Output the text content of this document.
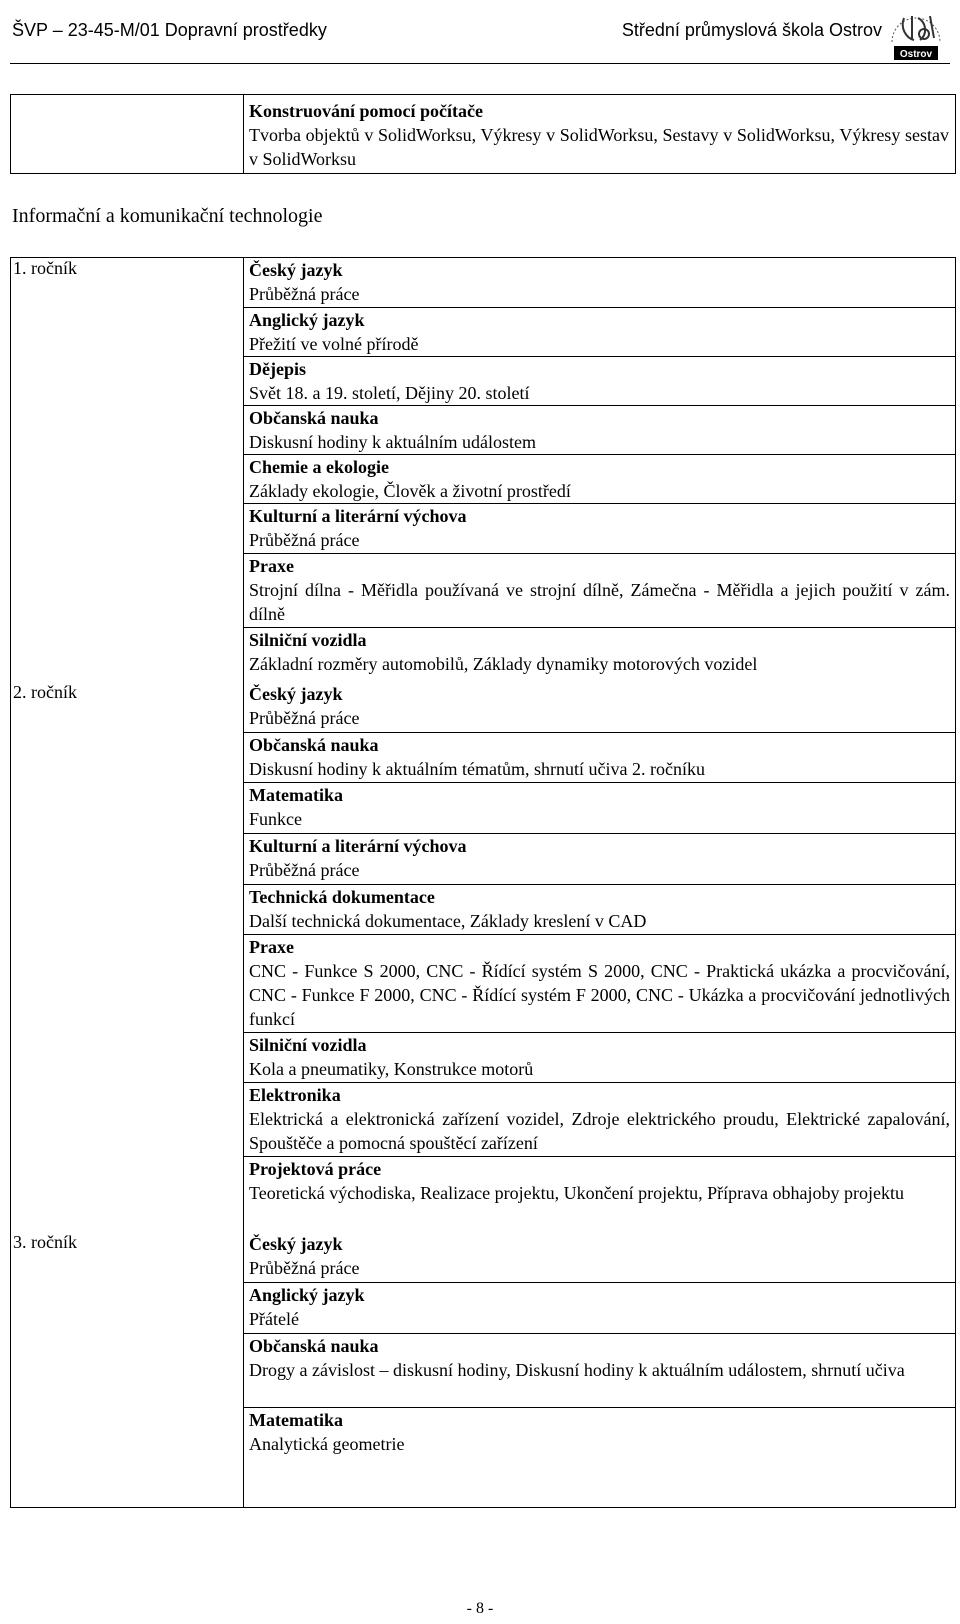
ŠVP – 23-45-M/01 Dopravní prostředky	Střední průmyslová škola Ostrov
Ostrov
Konstruování pomocí počítače
Tvorba objektů v SolidWorksu, Výkresy v SolidWorksu, Sestavy v SolidWorksu, Výkresy sestav v SolidWorksu
Informační a komunikační technologie
1. ročník	Český jazyk
Průběžná práce
Anglický jazyk
Přežití ve volné přírodě
Dějepis
Svět 18. a 19. století, Dějiny 20. století
Občanská nauka
Diskusní hodiny k aktuálním událostem
Chemie a ekologie
Základy ekologie, Člověk a životní prostředí
Kulturní a literární výchova
Průběžná práce
Praxe
Strojní dílna - Měřidla používaná ve strojní dílně, Zámečna - Měřidla a jejich použití v zám. dílně
Silniční vozidla
Základní rozměry automobilů, Základy dynamiky motorových vozidel
2. ročník	Český jazyk
Průběžná práce
Občanská nauka
Diskusní hodiny k aktuálním tématům, shrnutí učiva 2. ročníku
Matematika
Funkce
Kulturní a literární výchova
Průběžná práce
Technická dokumentace
Další technická dokumentace, Základy kreslení v CAD
Praxe
CNC - Funkce S 2000, CNC - Řídící systém S 2000, CNC - Praktická ukázka a procvičování, CNC - Funkce F 2000, CNC - Řídící systém F 2000, CNC - Ukázka a procvičování jednotlivých funkcí
Silniční vozidla
Kola a pneumatiky, Konstrukce motorů
Elektronika
Elektrická a elektronická zařízení vozidel, Zdroje elektrického proudu, Elektrické zapalování, Spouštěče a pomocná spouštěcí zařízení
Projektová práce
Teoretická východiska, Realizace projektu, Ukončení projektu, Příprava obhajoby projektu
3. ročník	Český jazyk
Průběžná práce
Anglický jazyk
Přátelé
Občanská nauka
Drogy a závislost – diskusní hodiny, Diskusní hodiny k aktuálním událostem, shrnutí učiva
Matematika
Analytická geometrie
- 8 -
